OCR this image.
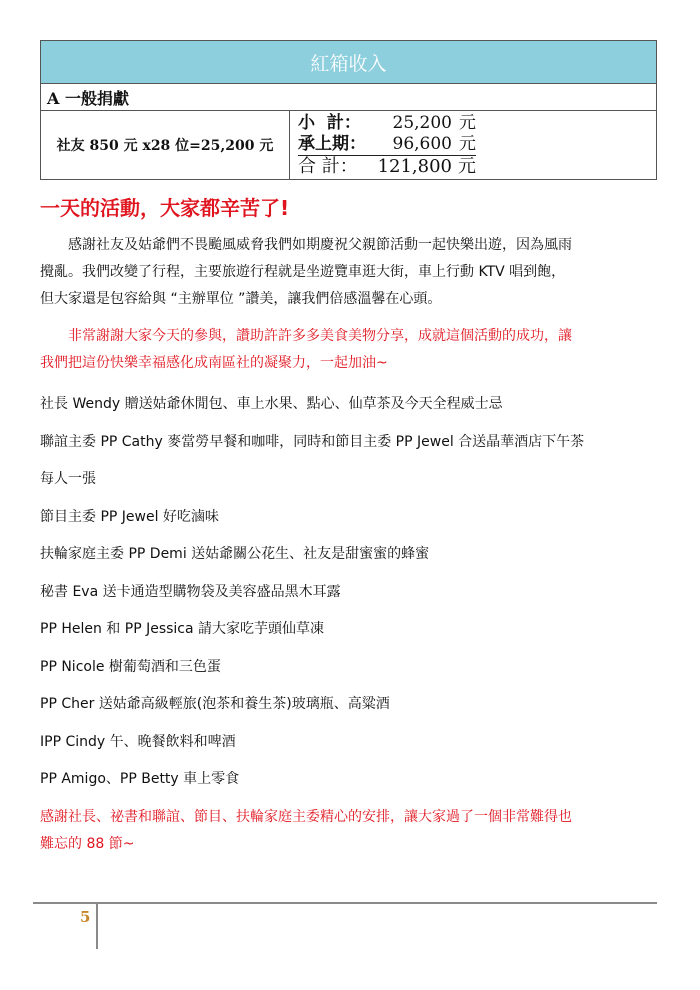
紅箱收入
A 一般捐獻
社友 850 元 x28 位=25,200 元	
小  計：	25,200 元
承上期：	96,600 元
合 計：	121,800 元
一天的活動，大家都辛苦了!
　　感謝社友及姑爺們不畏颱風威脅我們如期慶祝父親節活動一起快樂出遊，因為風雨
攪亂。我們改變了行程，主要旅遊行程就是坐遊覽車逛大街，車上行動 KTV 唱到飽，
但大家還是包容給與 “主辦單位 ”讚美，讓我們倍感溫馨在心頭。
　　非常謝謝大家今天的參與，讚助許許多多美食美物分享，成就這個活動的成功，讓
我們把這份快樂幸福感化成南區社的凝聚力，一起加油~
社長 Wendy 贈送姑爺休閒包、車上水果、點心、仙草茶及今天全程威士忌
聯誼主委 PP Cathy 麥當勞早餐和咖啡，同時和節目主委 PP Jewel 合送晶華酒店下午茶
每人一張
節目主委 PP Jewel 好吃滷味
扶輪家庭主委 PP Demi 送姑爺關公花生、社友是甜蜜蜜的蜂蜜
秘書 Eva 送卡通造型購物袋及美容盛品黑木耳露
PP Helen 和 PP Jessica 請大家吃芋頭仙草凍
PP Nicole 樹葡萄酒和三色蛋
PP Cher 送姑爺高級輕旅(泡茶和養生茶)玻璃瓶、高粱酒
IPP Cindy 午、晚餐飲料和啤酒
PP Amigo、PP Betty 車上零食
感謝社長、祕書和聯誼、節目、扶輪家庭主委精心的安排，讓大家過了一個非常難得也
難忘的 88 節~
5
